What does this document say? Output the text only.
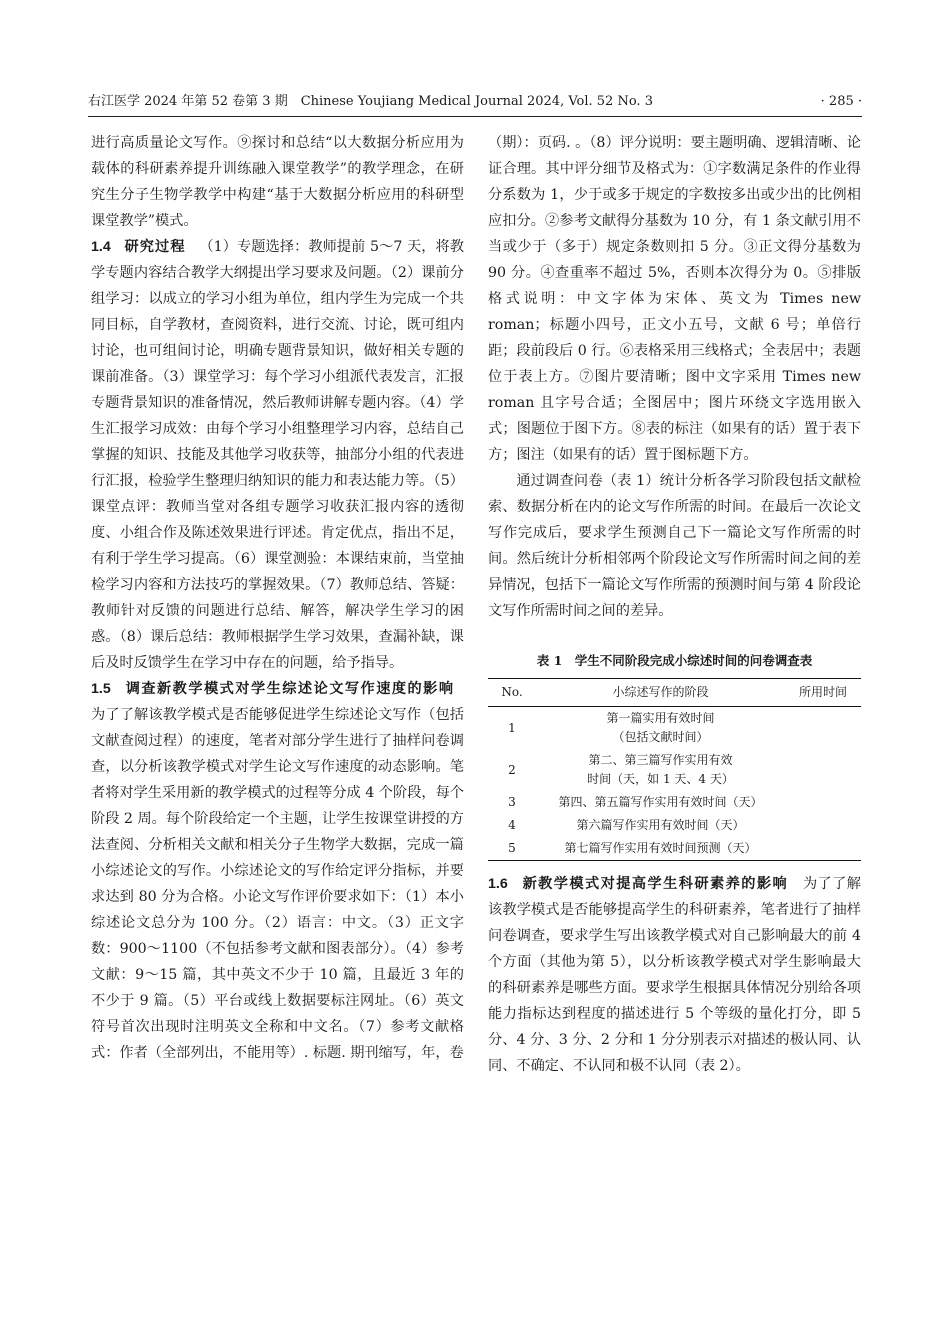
右江医学 2024 年第 52 卷第 3 期　Chinese Youjiang Medical Journal 2024, Vol. 52 No. 3	· 285 ·

进行高质量论文写作。⑨探讨和总结“以大数据分析应用为载体的科研素养提升训练融入课堂教学”的教学理念，在研究生分子生物学教学中构建“基于大数据分析应用的科研型课堂教学”模式。

1.4 研究过程 （1）专题选择：教师提前 5～7 天，将教学专题内容结合教学大纲提出学习要求及问题。（2）课前分组学习：以成立的学习小组为单位，组内学生为完成一个共同目标，自学教材，查阅资料，进行交流、讨论，既可组内讨论，也可组间讨论，明确专题背景知识，做好相关专题的课前准备。（3）课堂学习：每个学习小组派代表发言，汇报专题背景知识的准备情况，然后教师讲解专题内容。（4）学生汇报学习成效：由每个学习小组整理学习内容，总结自己掌握的知识、技能及其他学习收获等，抽部分小组的代表进行汇报，检验学生整理归纳知识的能力和表达能力等。（5）课堂点评：教师当堂对各组专题学习收获汇报内容的透彻度、小组合作及陈述效果进行评述。肯定优点，指出不足，有利于学生学习提高。（6）课堂测验：本课结束前，当堂抽检学习内容和方法技巧的掌握效果。（7）教师总结、答疑：教师针对反馈的问题进行总结、解答，解决学生学习的困惑。（8）课后总结：教师根据学生学习效果，查漏补缺，课后及时反馈学生在学习中存在的问题，给予指导。

1.5 调查新教学模式对学生综述论文写作速度的影响   为了了解该教学模式是否能够促进学生综述论文写作（包括文献查阅过程）的速度，笔者对部分学生进行了抽样问卷调查，以分析该教学模式对学生论文写作速度的动态影响。笔者将对学生采用新的教学模式的过程等分成 4 个阶段，每个阶段 2 周。每个阶段给定一个主题，让学生按课堂讲授的方法查阅、分析相关文献和相关分子生物学大数据，完成一篇小综述论文的写作。小综述论文的写作给定评分指标，并要求达到 80 分为合格。小论文写作评价要求如下：（1）本小综述论文总分为 100 分。（2）语言：中文。（3）正文字数：900～1100（不包括参考文献和图表部分）。（4）参考文献：9～15 篇，其中英文不少于 10 篇，且最近 3 年的不少于 9 篇。（5）平台或线上数据要标注网址。（6）英文符号首次出现时注明英文全称和中文名。（7）参考文献格式：作者（全部列出，不能用等）. 标题. 期刊缩写，年，卷

（期）：页码. 。（8）评分说明：要主题明确、逻辑清晰、论证合理。其中评分细节及格式为：①字数满足条件的作业得分系数为 1，少于或多于规定的字数按多出或少出的比例相应扣分。②参考文献得分基数为 10 分，有 1 条文献引用不当或少于（多于）规定条数则扣 5 分。③正文得分基数为 90 分。④查重率不超过 5%，否则本次得分为 0。⑤排版格式说明：中文字体为宋体、英文为 Times new roman；标题小四号，正文小五号，文献 6 号；单倍行距；段前段后 0 行。⑥表格采用三线格式；全表居中；表题位于表上方。⑦图片要清晰；图中文字采用 Times new roman 且字号合适；全图居中；图片环绕文字选用嵌入式；图题位于图下方。⑧表的标注（如果有的话）置于表下方；图注（如果有的话）置于图标题下方。

通过调查问卷（表 1）统计分析各学习阶段包括文献检索、数据分析在内的论文写作所需的时间。在最后一次论文写作完成后，要求学生预测自己下一篇论文写作所需的时间。然后统计分析相邻两个阶段论文写作所需时间之间的差异情况，包括下一篇论文写作所需的预测时间与第 4 阶段论文写作所需时间之间的差异。

表 1　学生不同阶段完成小综述时间的问卷调查表
No.	小综述写作的阶段	所用时间
1	第一篇实用有效时间
（包括文献时间）	
2	第二、第三篇写作实用有效
时间（天，如 1 天、4 天）	
3	第四、第五篇写作实用有效时间（天）	
4	第六篇写作实用有效时间（天）	
5	第七篇写作实用有效时间预测（天）	

1.6 新教学模式对提高学生科研素养的影响 为了了解该教学模式是否能够提高学生的科研素养，笔者进行了抽样问卷调查，要求学生写出该教学模式对自己影响最大的前 4 个方面（其他为第 5），以分析该教学模式对学生影响最大的科研素养是哪些方面。要求学生根据具体情况分别给各项能力指标达到程度的描述进行 5 个等级的量化打分，即 5 分、4 分、3 分、2 分和 1 分分别表示对描述的极认同、认同、不确定、不认同和极不认同（表 2）。
